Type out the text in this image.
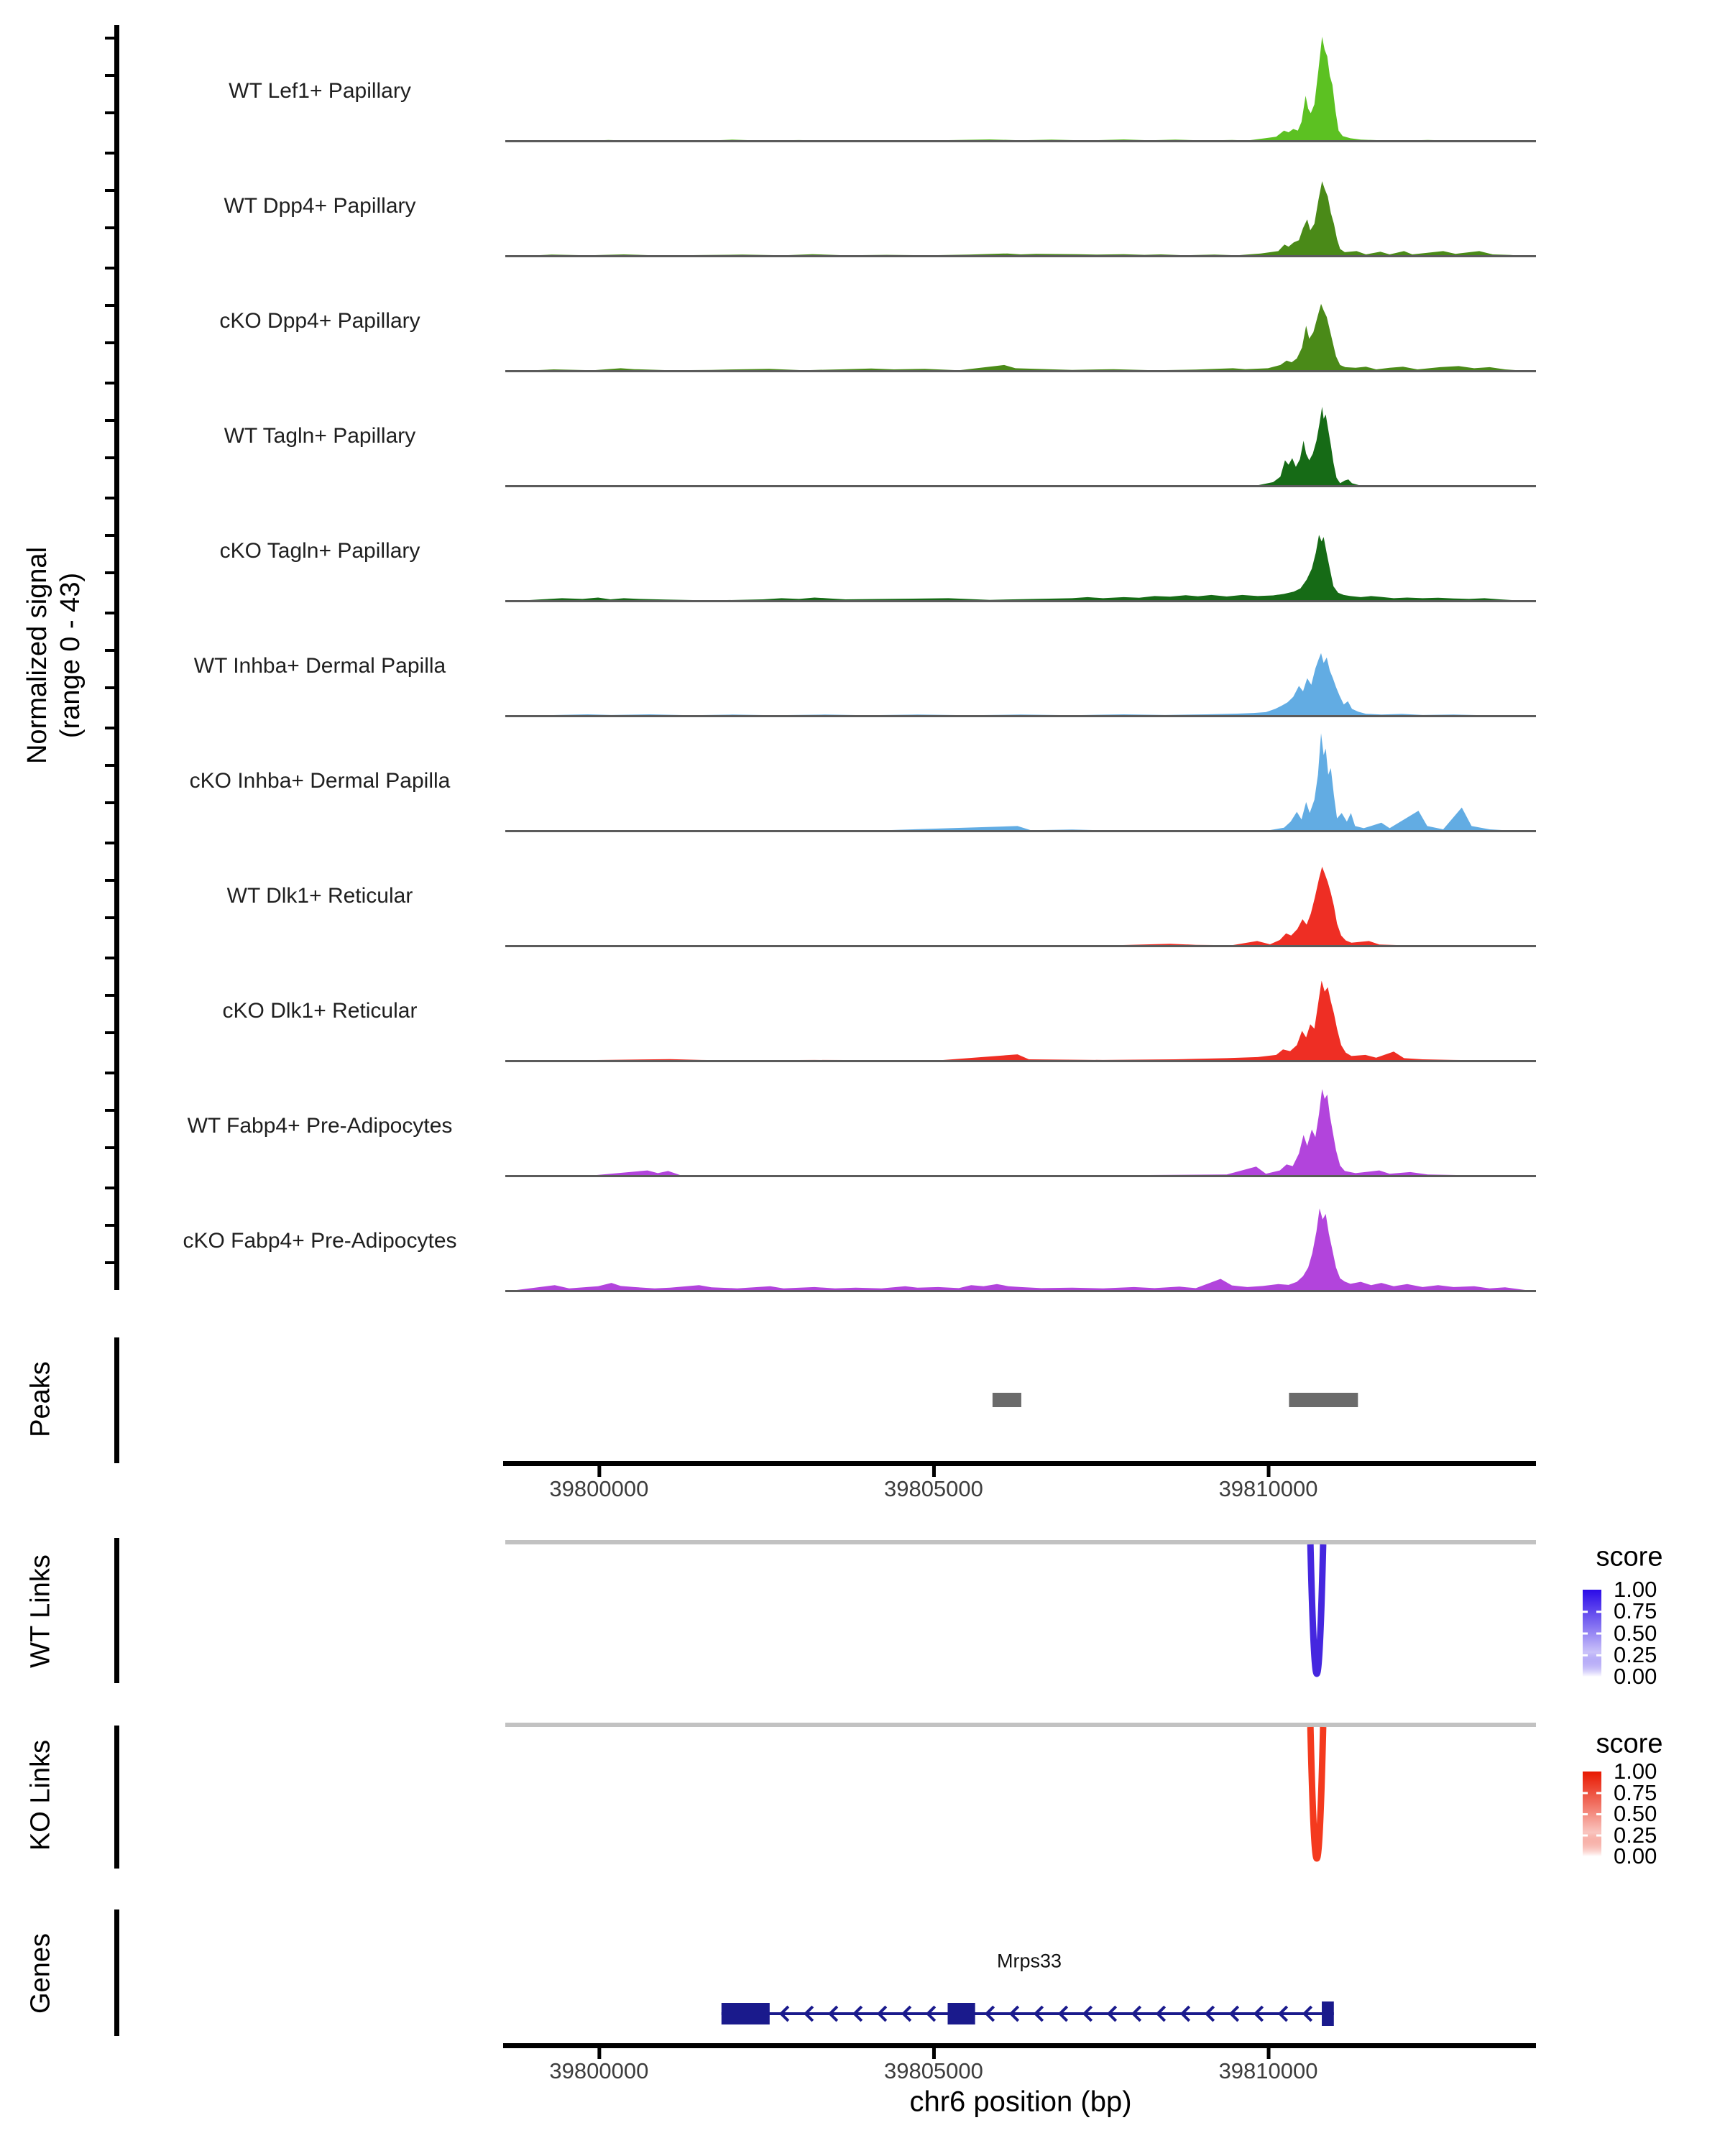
Normalized signal (range 0 - 43)
Peaks
WT Links
KO Links
Genes
score
score
Mrps33
chr6 position (bp)
WT Lef1+ Papillary
WT Dpp4+ Papillary
cKO Dpp4+ Papillary
WT Tagln+ Papillary
cKO Tagln+ Papillary
WT Inhba+ Dermal Papilla
cKO Inhba+ Dermal Papilla
WT Dlk1+ Reticular
cKO Dlk1+ Reticular
WT Fabp4+ Pre-Adipocytes
cKO Fabp4+ Pre-Adipocytes
39800000	39805000	39810000
1.00
0.75
0.50
0.25
0.00
1.00
0.75
0.50
0.25
0.00
39800000	39805000	39810000
